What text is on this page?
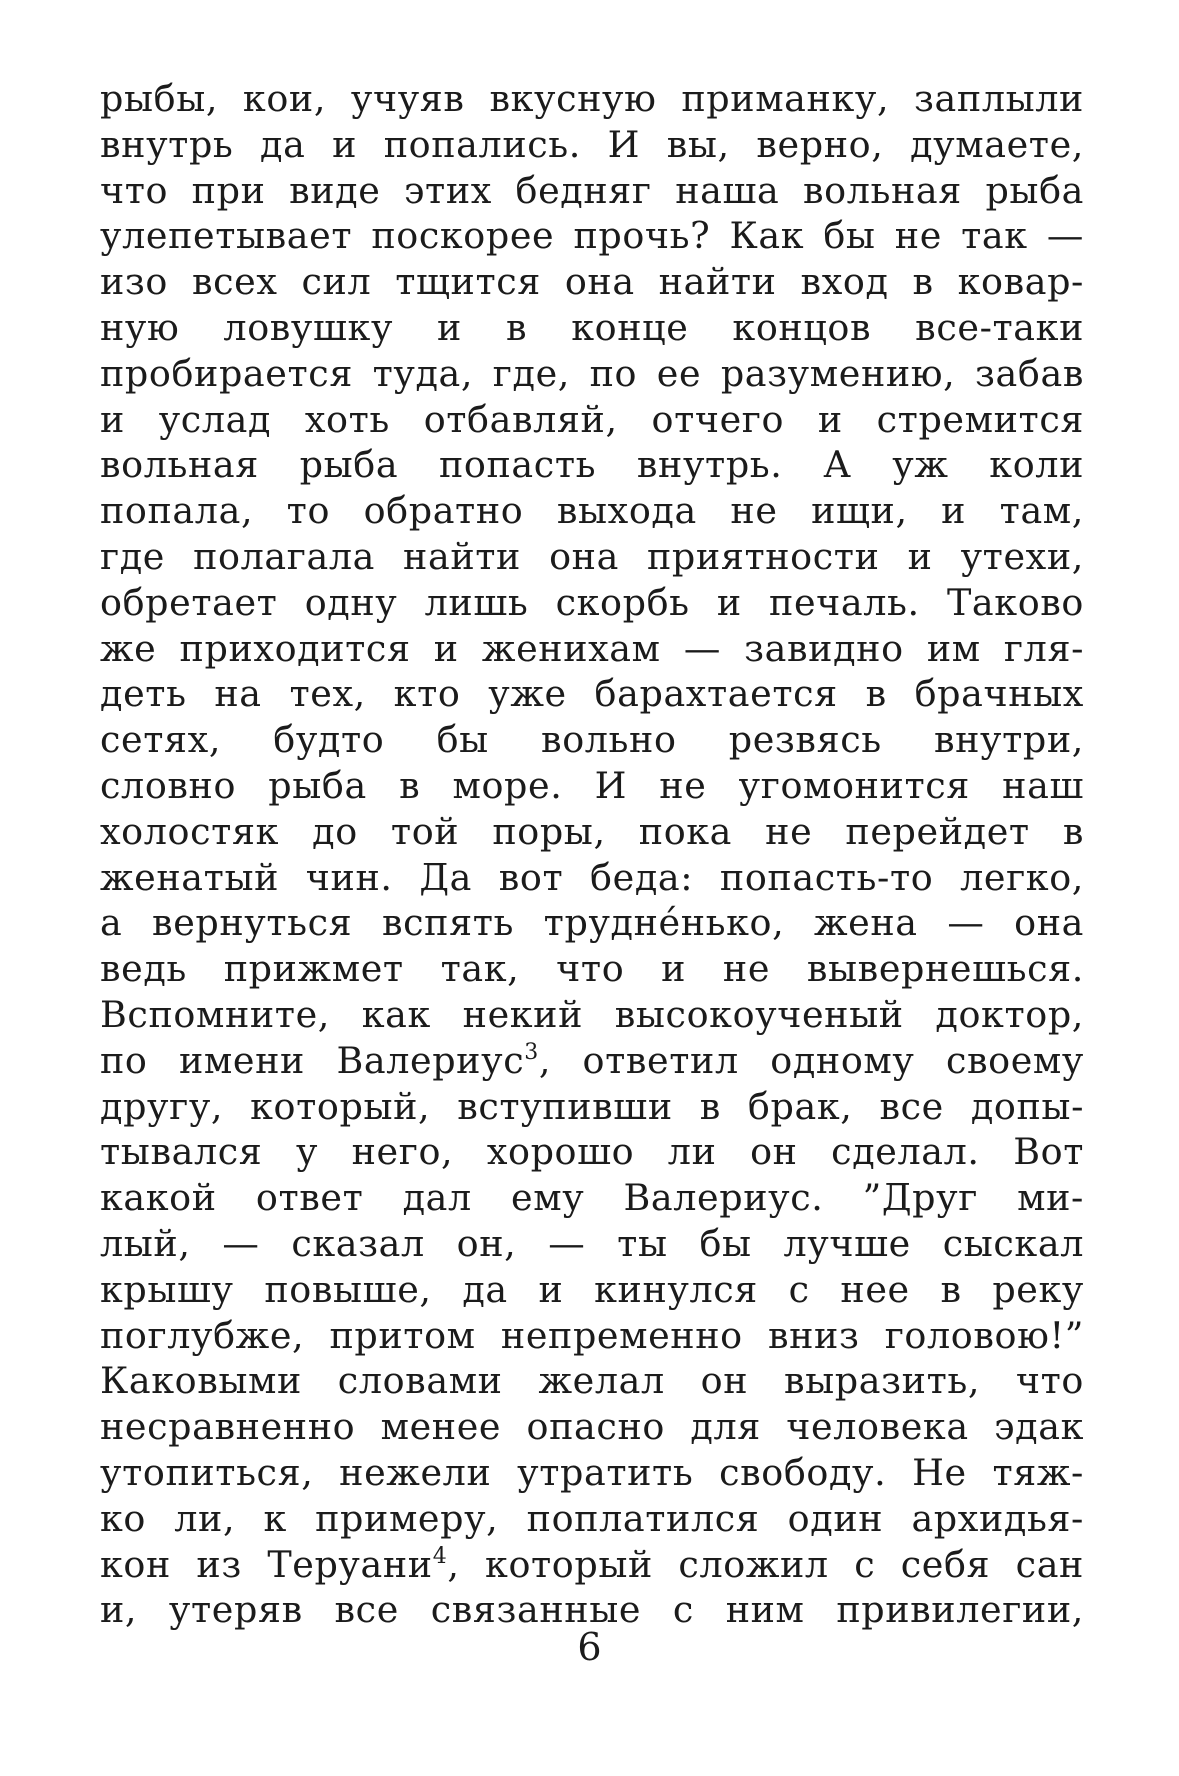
рыбы, кои, учуяв вкусную приманку, заплыли
внутрь да и попались. И вы, верно, думаете,
что при виде этих бедняг наша вольная рыба
улепетывает поскорее прочь? Как бы не так —
изо всех сил тщится она найти вход в ковар-
ную ловушку и в конце концов все-таки
пробирается туда, где, по ее разумению, забав
и услад хоть отбавляй, отчего и стремится
вольная рыба попасть внутрь. А уж коли
попала, то обратно выхода не ищи, и там,
где полагала найти она приятности и утехи,
обретает одну лишь скорбь и печаль. Таково
же приходится и женихам — завидно им гля-
деть на тех, кто уже барахтается в брачных
сетях, будто бы вольно резвясь внутри,
словно рыба в море. И не угомонится наш
холостяк до той поры, пока не перейдет в
женатый чин. Да вот беда: попасть-то легко,
а вернуться вспять трудне́нько, жена — она
ведь прижмет так, что и не вывернешься.
Вспомните, как некий высокоученый доктор,
по имени Валериус$^3$, ответил одному своему
другу, который, вступивши в брак, все допы-
тывался у него, хорошо ли он сделал. Вот
какой ответ дал ему Валериус. ”Друг ми-
лый, — сказал он, — ты бы лучше сыскал
крышу повыше, да и кинулся с нее в реку
поглубже, притом непременно вниз головою!”
Каковыми словами желал он выразить, что
несравненно менее опасно для человека эдак
утопиться, нежели утратить свободу. Не тяж-
ко ли, к примеру, поплатился один архидья-
кон из Теруани$^4$, который сложил с себя сан
и, утеряв все связанные с ним привилегии,
6
